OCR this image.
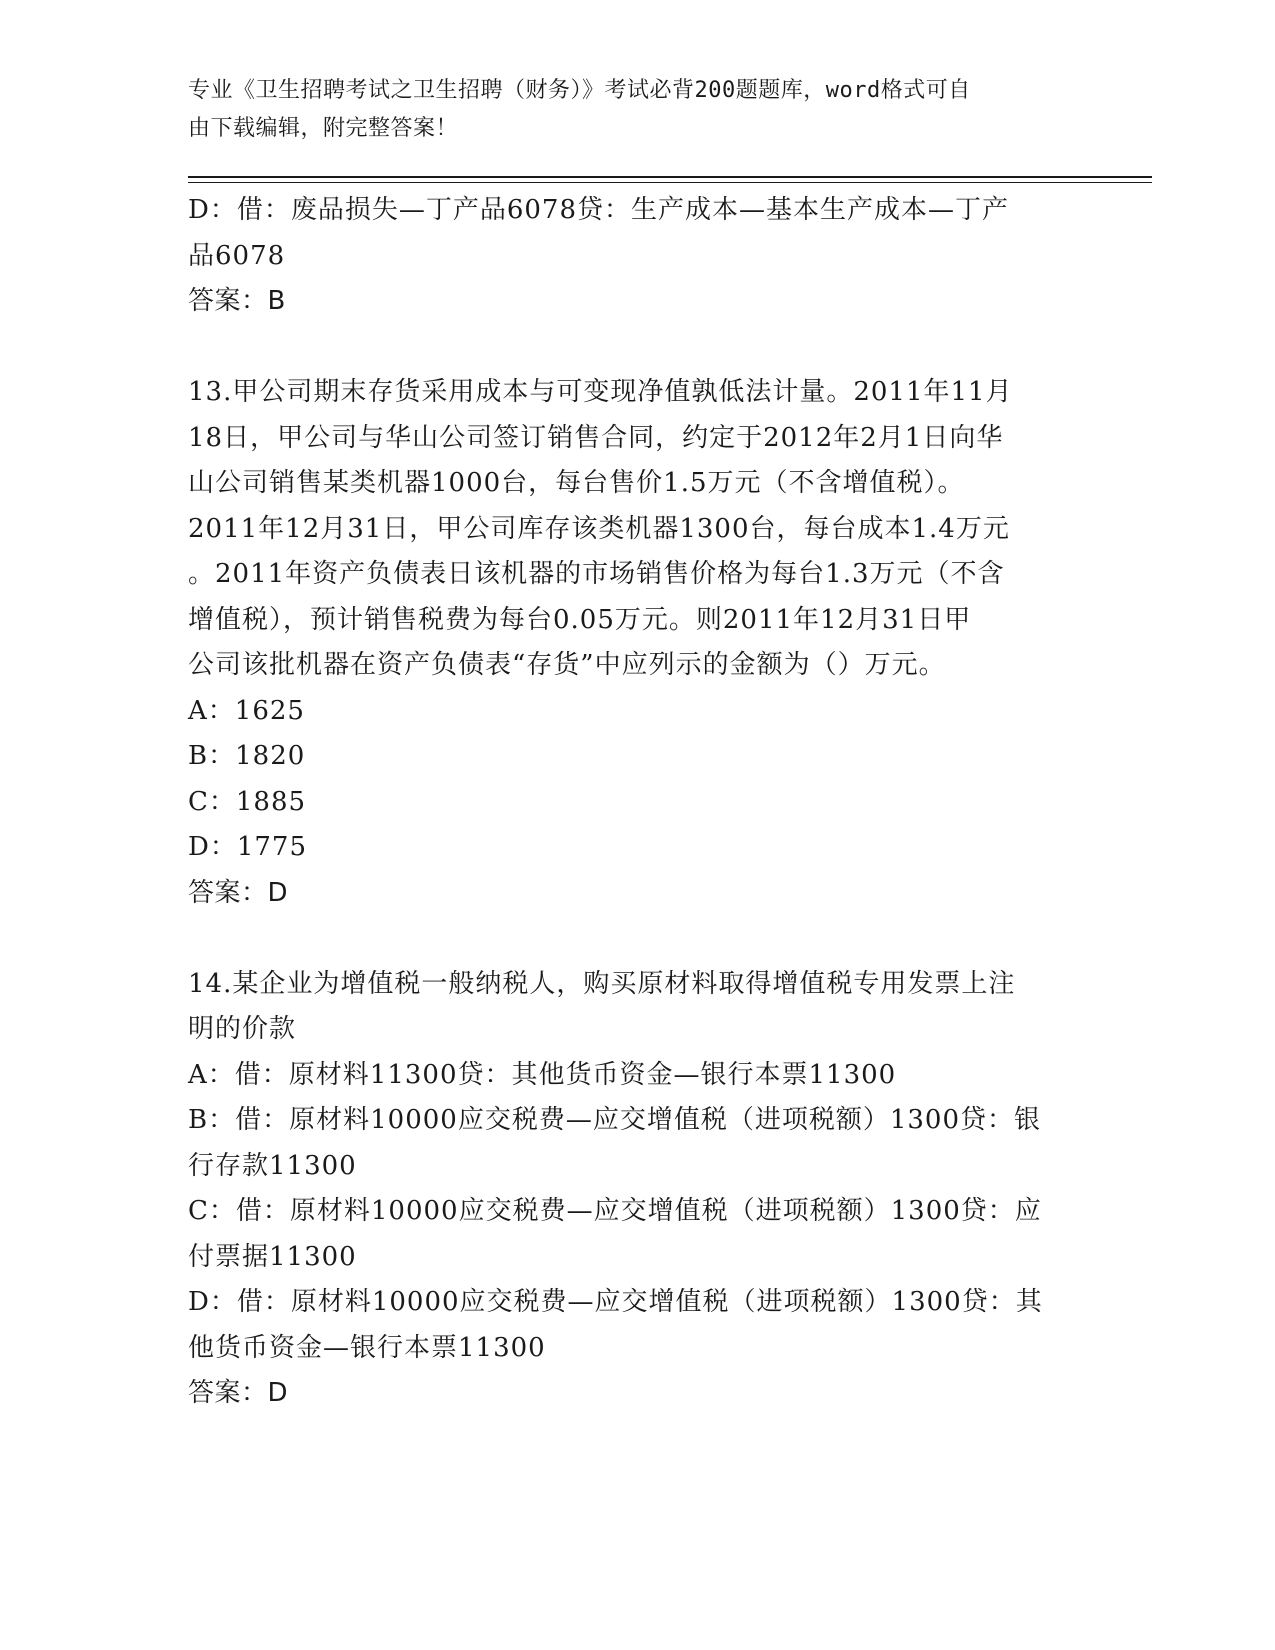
专业《卫生招聘考试之卫生招聘（财务）》考试必背200题题库，word格式可自
由下载编辑，附完整答案！
D：借：废品损失—丁产品6078贷：生产成本—基本生产成本—丁产
品6078
答案：B
13.甲公司期末存货采用成本与可变现净值孰低法计量。2011年11月
18日，甲公司与华山公司签订销售合同，约定于2012年2月1日向华
山公司销售某类机器1000台，每台售价1.5万元（不含增值税）。
2011年12月31日，甲公司库存该类机器1300台，每台成本1.4万元
。2011年资产负债表日该机器的市场销售价格为每台1.3万元（不含
增值税），预计销售税费为每台0.05万元。则2011年12月31日甲
公司该批机器在资产负债表“存货”中应列示的金额为（）万元。
A：1625
B：1820
C：1885
D：1775
答案：D
14.某企业为增值税一般纳税人，购买原材料取得增值税专用发票上注
明的价款
A：借：原材料11300贷：其他货币资金—银行本票11300
B：借：原材料10000应交税费—应交增值税（进项税额）1300贷：银
行存款11300
C：借：原材料10000应交税费—应交增值税（进项税额）1300贷：应
付票据11300
D：借：原材料10000应交税费—应交增值税（进项税额）1300贷：其
他货币资金—银行本票11300
答案：D
